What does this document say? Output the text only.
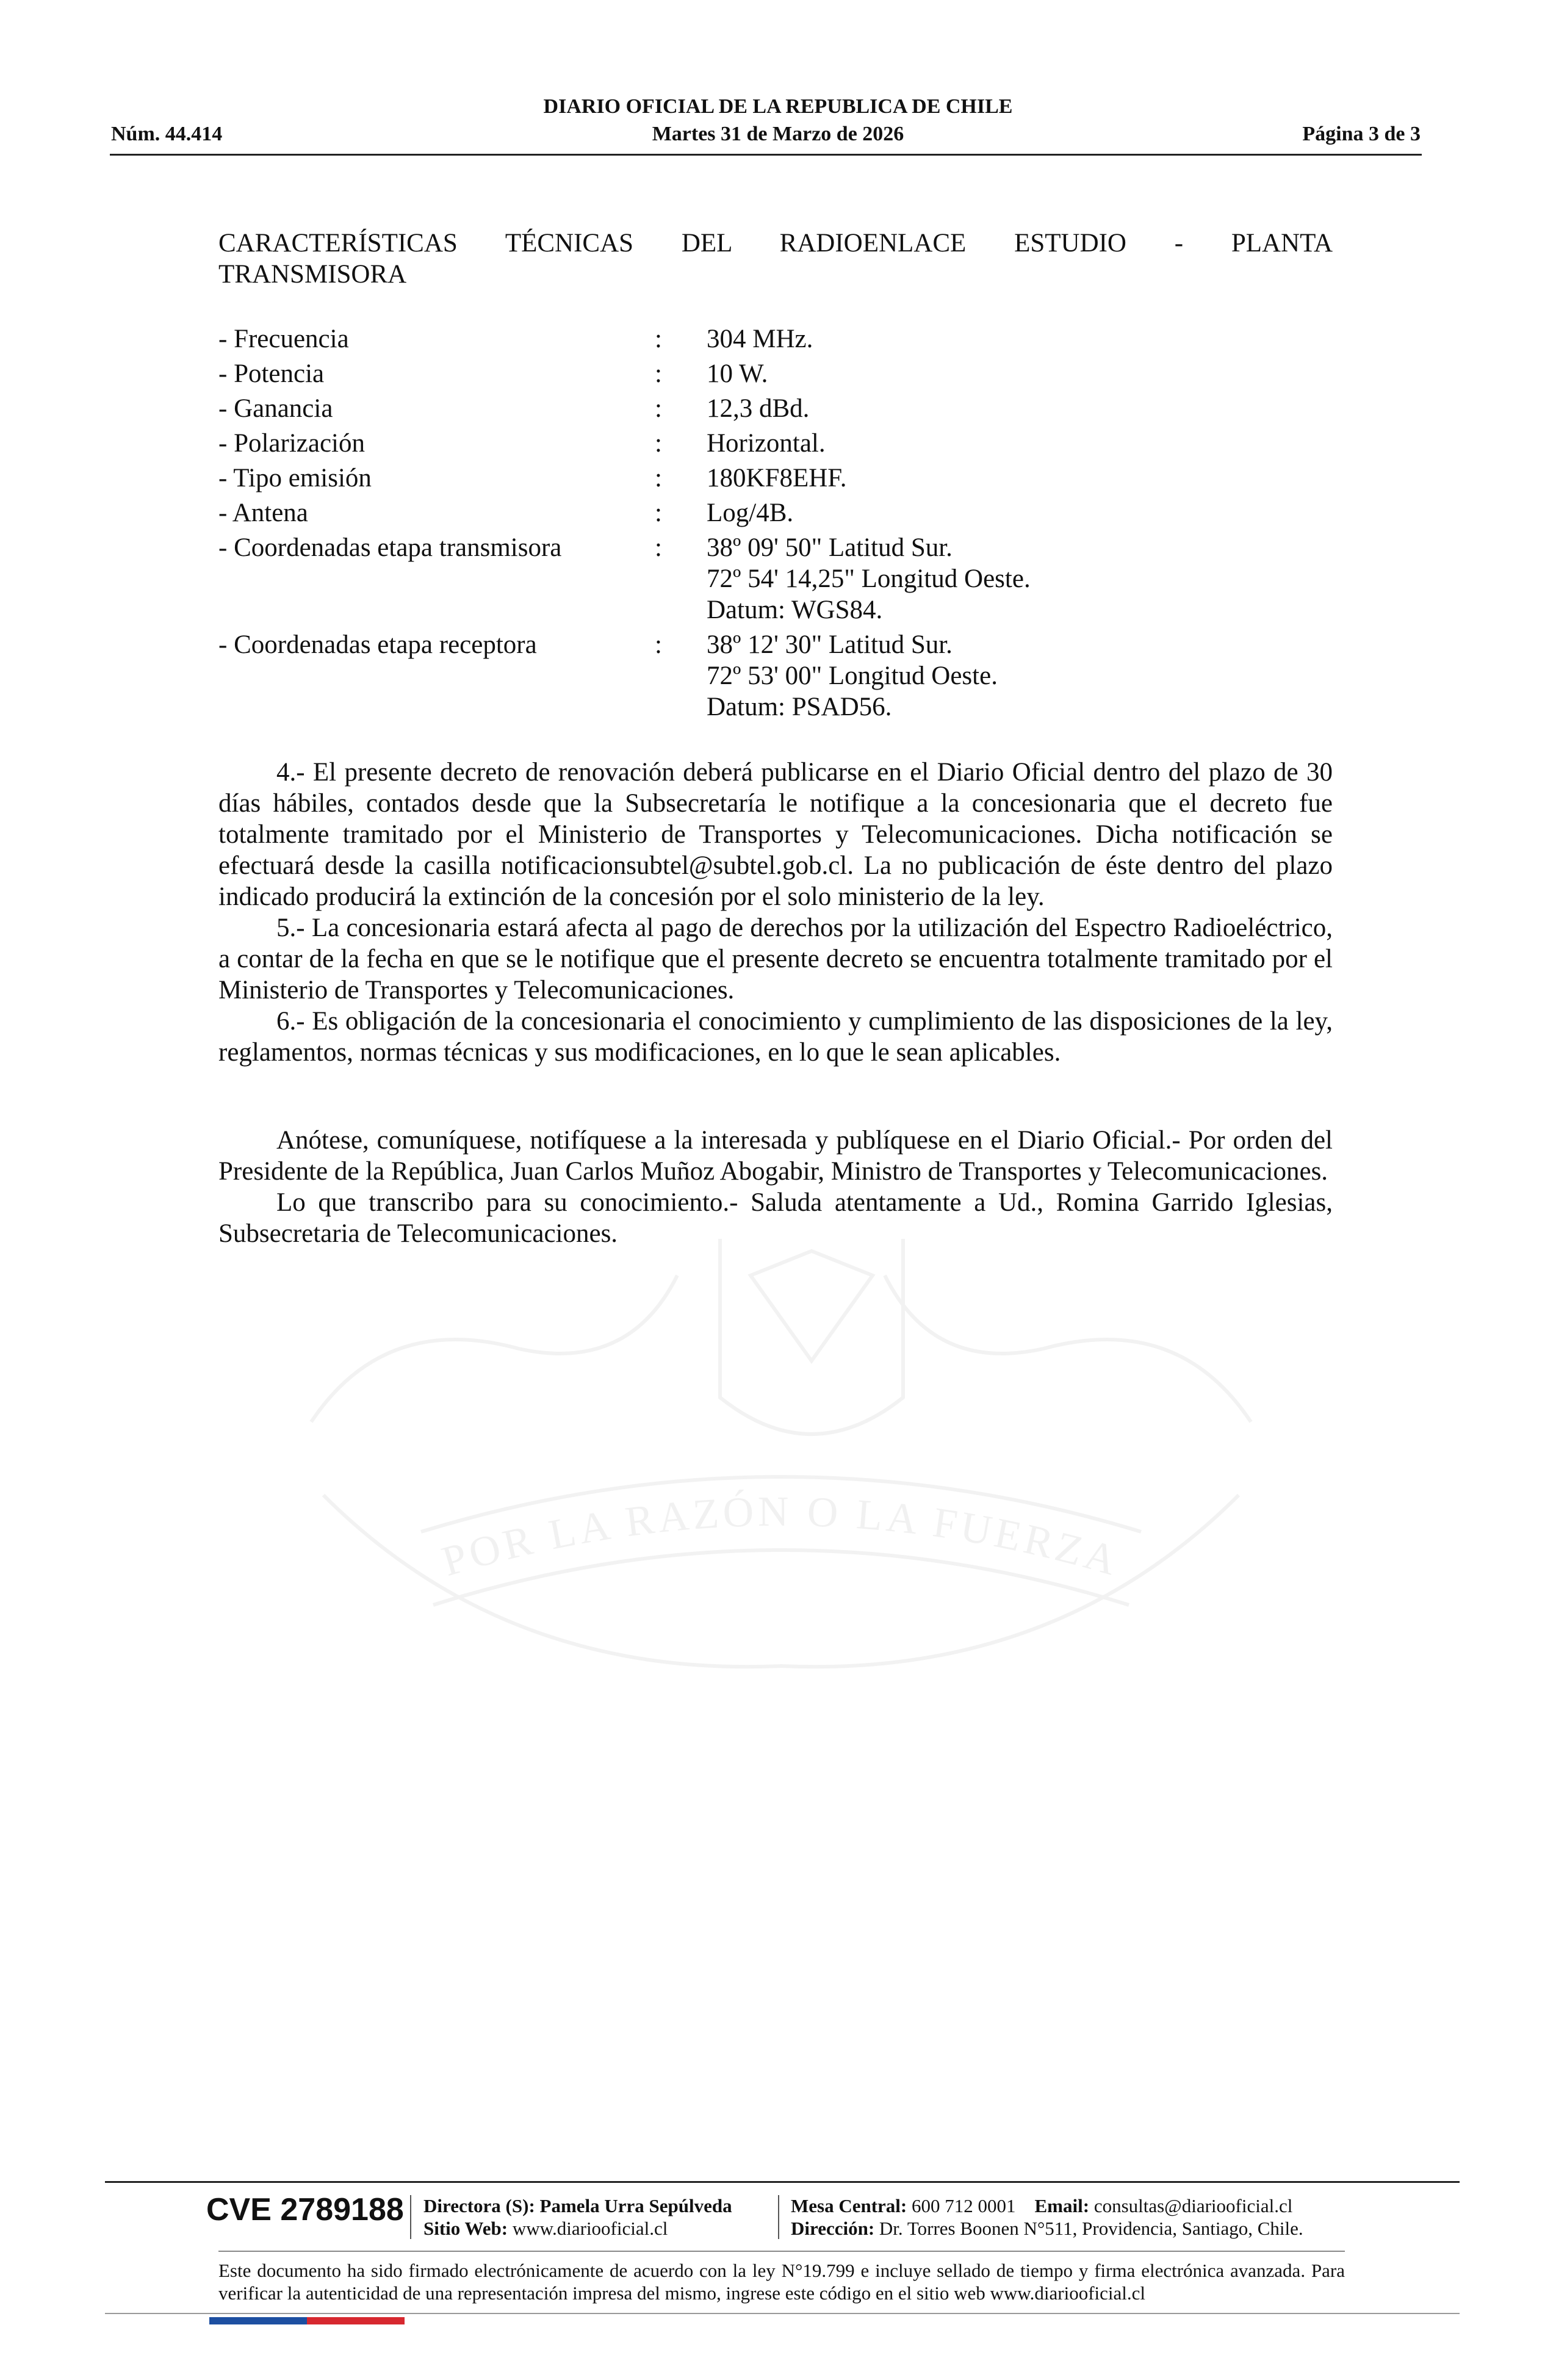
DIARIO OFICIAL DE LA REPUBLICA DE CHILE
Núm. 44.414	Martes 31 de Marzo de 2026	Página 3 de 3
POR LA RAZÓN O LA FUERZA
CARACTERÍSTICAS TÉCNICAS DEL RADIOENLACE ESTUDIO - PLANTA
TRANSMISORA
- Frecuencia	: 304 MHz.
- Potencia	: 10 W.
- Ganancia	: 12,3 dBd.
- Polarización	: Horizontal.
- Tipo emisión	: 180KF8EHF.
- Antena	: Log/4B.
- Coordenadas etapa transmisora	: 38º 09' 50" Latitud Sur.
72º 54' 14,25" Longitud Oeste.
Datum: WGS84.
- Coordenadas etapa receptora	: 38º 12' 30" Latitud Sur.
72º 53' 00" Longitud Oeste.
Datum: PSAD56.

4.- El presente decreto de renovación deberá publicarse en el Diario Oficial dentro del plazo de 30 días hábiles, contados desde que la Subsecretaría le notifique a la concesionaria que el decreto fue totalmente tramitado por el Ministerio de Transportes y Telecomunicaciones. Dicha notificación se efectuará desde la casilla notificacionsubtel@subtel.gob.cl. La no publicación de éste dentro del plazo indicado producirá la extinción de la concesión por el solo ministerio de la ley.

5.- La concesionaria estará afecta al pago de derechos por la utilización del Espectro Radioeléctrico, a contar de la fecha en que se le notifique que el presente decreto se encuentra totalmente tramitado por el Ministerio de Transportes y Telecomunicaciones.

6.- Es obligación de la concesionaria el conocimiento y cumplimiento de las disposiciones de la ley, reglamentos, normas técnicas y sus modificaciones, en lo que le sean aplicables.

Anótese, comuníquese, notifíquese a la interesada y publíquese en el Diario Oficial.- Por orden del Presidente de la República, Juan Carlos Muñoz Abogabir, Ministro de Transportes y Telecomunicaciones.

Lo que transcribo para su conocimiento.- Saluda atentamente a Ud., Romina Garrido Iglesias, Subsecretaria de Telecomunicaciones.

CVE 2789188 Directora (S): Pamela Urra Sepúlveda
Sitio Web: www.diariooficial.cl
Mesa Central: 600 712 0001 Email: consultas@diariooficial.cl
Dirección: Dr. Torres Boonen N°511, Providencia, Santiago, Chile.
Este documento ha sido firmado electrónicamente de acuerdo con la ley N°19.799 e incluye sellado de tiempo y firma electrónica avanzada. Para verificar la autenticidad de una representación impresa del mismo, ingrese este código en el sitio web www.diariooficial.cl
